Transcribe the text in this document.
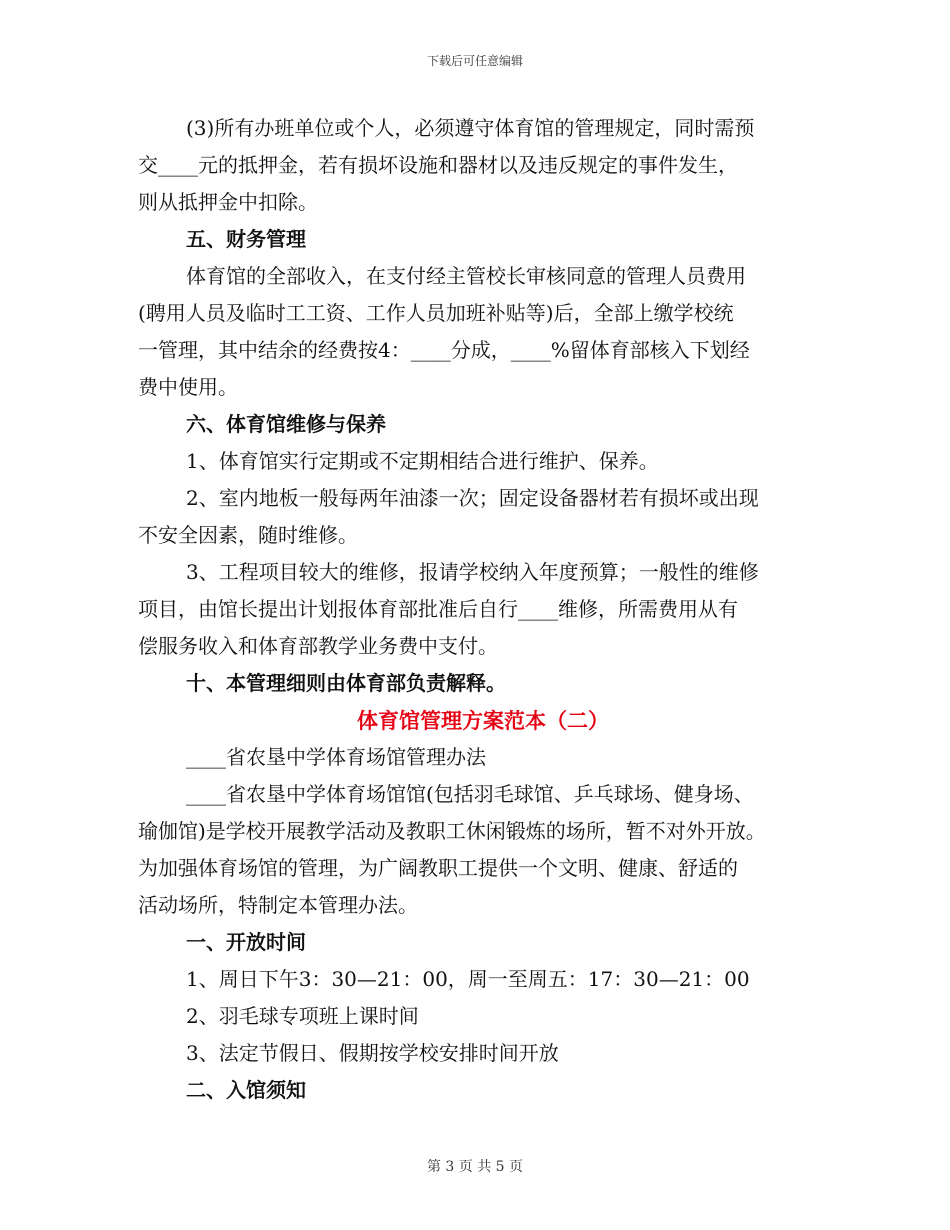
下载后可任意编辑
(3)所有办班单位或个人，必须遵守体育馆的管理规定，同时需预
交____元的抵押金，若有损坏设施和器材以及违反规定的事件发生，
则从抵押金中扣除。
五、财务管理
体育馆的全部收入，在支付经主管校长审核同意的管理人员费用
(聘用人员及临时工工资、工作人员加班补贴等)后，全部上缴学校统
一管理，其中结余的经费按4：____分成，____%留体育部核入下划经
费中使用。
六、体育馆维修与保养
1、体育馆实行定期或不定期相结合进行维护、保养。
2、室内地板一般每两年油漆一次；固定设备器材若有损坏或出现
不安全因素，随时维修。
3、工程项目较大的维修，报请学校纳入年度预算；一般性的维修
项目，由馆长提出计划报体育部批准后自行____维修，所需费用从有
偿服务收入和体育部教学业务费中支付。
十、本管理细则由体育部负责解释。
体育馆管理方案范本（二）
____省农垦中学体育场馆管理办法
____省农垦中学体育场馆馆(包括羽毛球馆、乒乓球场、健身场、
瑜伽馆)是学校开展教学活动及教职工休闲锻炼的场所，暂不对外开放。
为加强体育场馆的管理，为广阔教职工提供一个文明、健康、舒适的
活动场所，特制定本管理办法。
一、开放时间
1、周日下午3：30—21：00，周一至周五：17：30—21：00
2、羽毛球专项班上课时间
3、法定节假日、假期按学校安排时间开放
二、入馆须知
第 3 页 共 5 页
